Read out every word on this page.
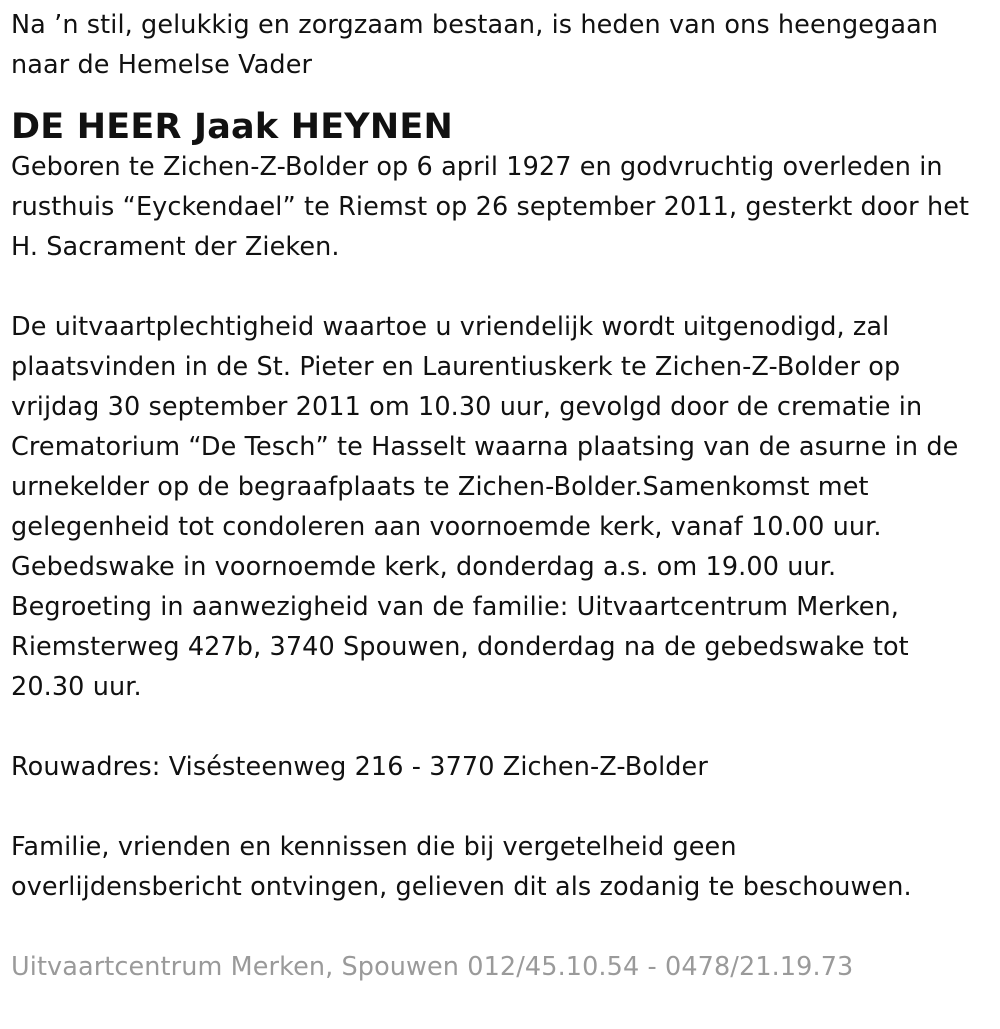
Na ’n stil, gelukkig en zorgzaam bestaan, is heden van ons heengegaan
naar de Hemelse Vader

DE HEER Jaak HEYNEN

Geboren te Zichen-Z-Bolder op 6 april 1927 en godvruchtig overleden in
rusthuis “Eyckendael” te Riemst op 26 september 2011, gesterkt door het
H. Sacrament der Zieken.

De uitvaartplechtigheid waartoe u vriendelijk wordt uitgenodigd, zal
plaatsvinden in de St. Pieter en Laurentiuskerk te Zichen-Z-Bolder op
vrijdag 30 september 2011 om 10.30 uur, gevolgd door de crematie in
Crematorium “De Tesch” te Hasselt waarna plaatsing van de asurne in de
urnekelder op de begraafplaats te Zichen-Bolder.Samenkomst met
gelegenheid tot condoleren aan voornoemde kerk, vanaf 10.00 uur.
Gebedswake in voornoemde kerk, donderdag a.s. om 19.00 uur.
Begroeting in aanwezigheid van de familie: Uitvaartcentrum Merken,
Riemsterweg 427b, 3740 Spouwen, donderdag na de gebedswake tot
20.30 uur.

Rouwadres: Visésteenweg 216 - 3770 Zichen-Z-Bolder

Familie, vrienden en kennissen die bij vergetelheid geen
overlijdensbericht ontvingen, gelieven dit als zodanig te beschouwen.

Uitvaartcentrum Merken, Spouwen 012/45.10.54 - 0478/21.19.73
